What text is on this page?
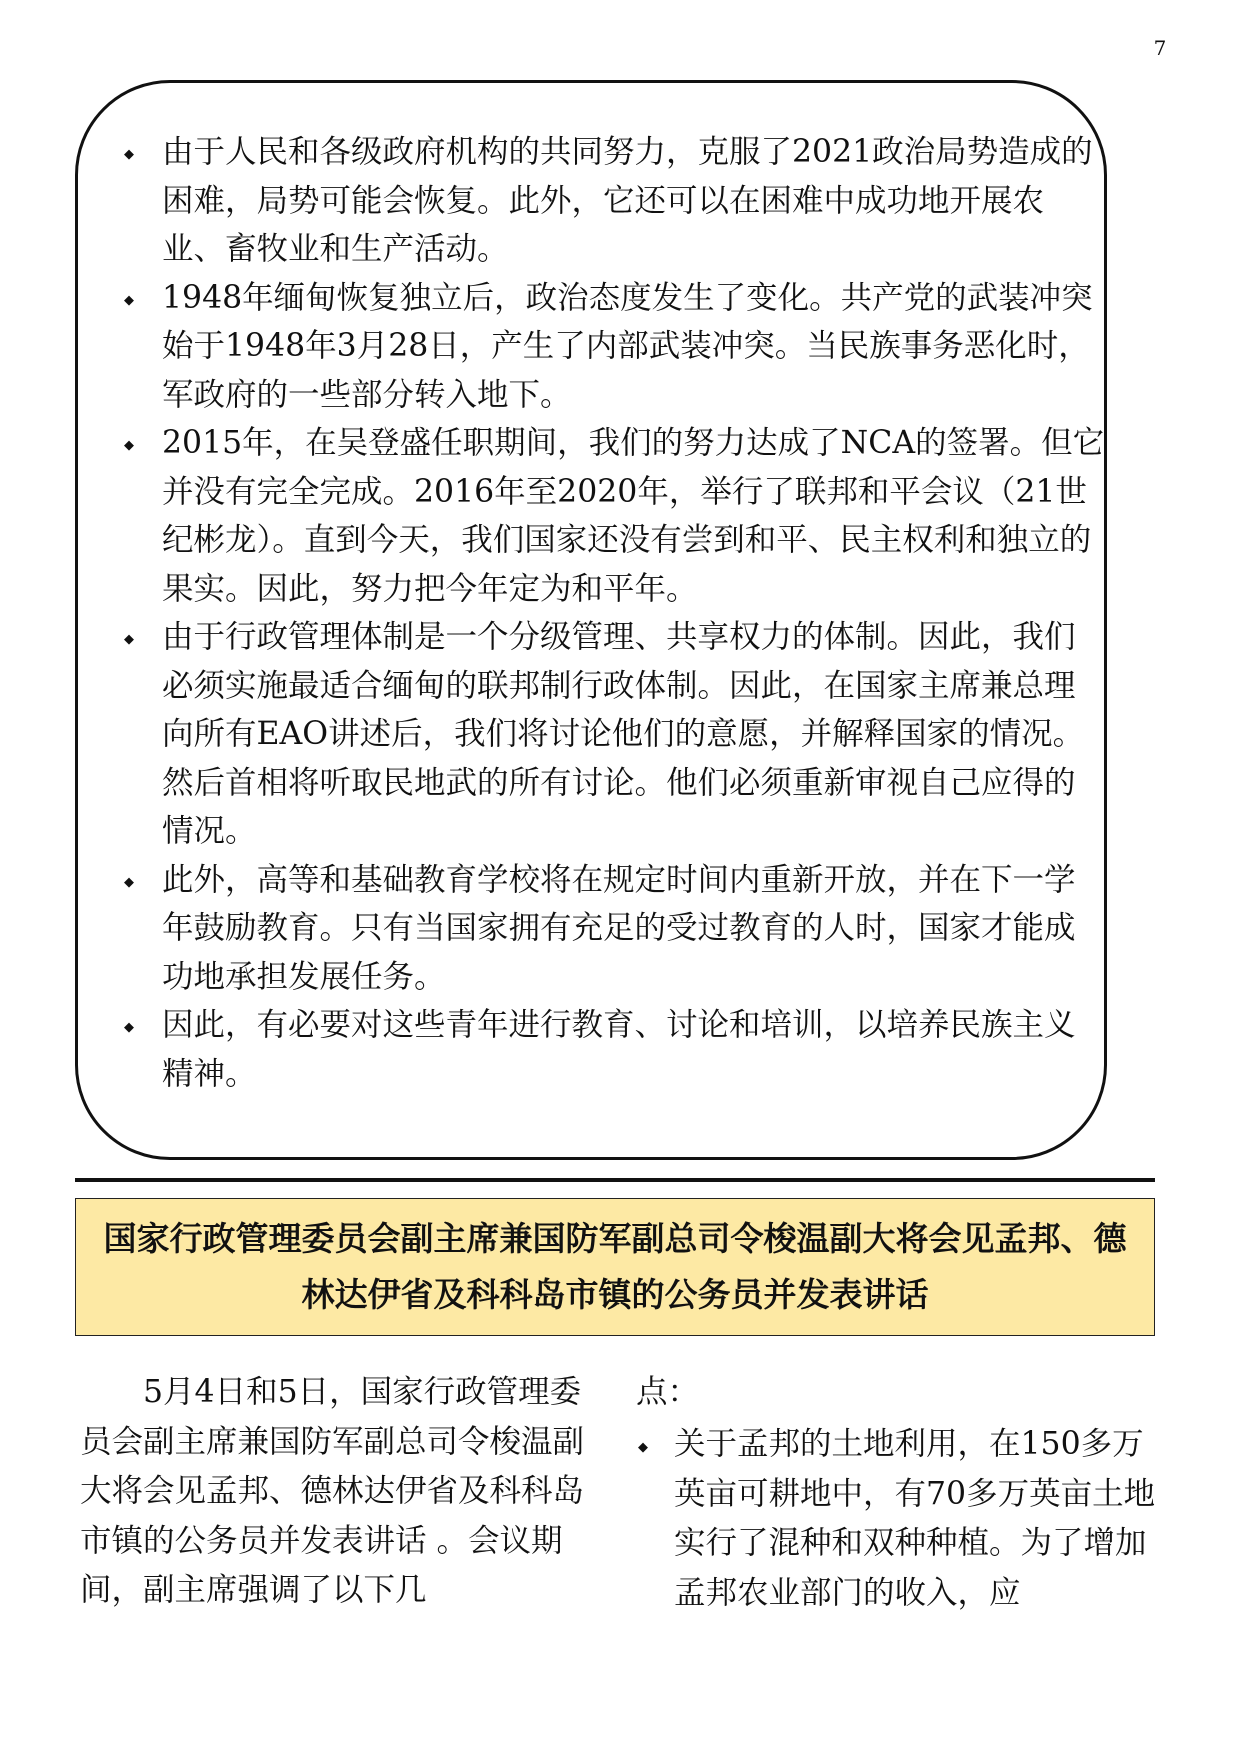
7
◆ 由于人民和各级政府机构的共同努力，克服了2021政治局势造成的困难，局势可能会恢复。此外，它还可以在困难中成功地开展农业、畜牧业和生产活动。
◆ 1948年缅甸恢复独立后，政治态度发生了变化。共产党的武装冲突始于1948年3月28日，产生了内部武装冲突。当民族事务恶化时，军政府的一些部分转入地下。
◆ 2015年，在吴登盛任职期间，我们的努力达成了NCA的签署。但它并没有完全完成。2016年至2020年，举行了联邦和平会议（21世纪彬龙）。直到今天，我们国家还没有尝到和平、民主权利和独立的果实。因此，努力把今年定为和平年。
◆ 由于行政管理体制是一个分级管理、共享权力的体制。因此，我们必须实施最适合缅甸的联邦制行政体制。因此，在国家主席兼总理向所有EAO讲述后，我们将讨论他们的意愿，并解释国家的情况。然后首相将听取民地武的所有讨论。他们必须重新审视自己应得的情况。
◆ 此外，高等和基础教育学校将在规定时间内重新开放，并在下一学年鼓励教育。只有当国家拥有充足的受过教育的人时，国家才能成功地承担发展任务。
◆ 因此，有必要对这些青年进行教育、讨论和培训，以培养民族主义精神。

国家行政管理委员会副主席兼国防军副总司令梭温副大将会见孟邦、德林达伊省及科科岛市镇的公务员并发表讲话

5月4日和5日，国家行政管理委员会副主席兼国防军副总司令梭温副大将会见孟邦、德林达伊省及科科岛市镇的公务员并发表讲话 。会议期间，副主席强调了以下几

点：

◆ 关于孟邦的土地利用，在150多万英亩可耕地中，有70多万英亩土地实行了混种和双种种植。为了增加孟邦农业部门的收入，应
